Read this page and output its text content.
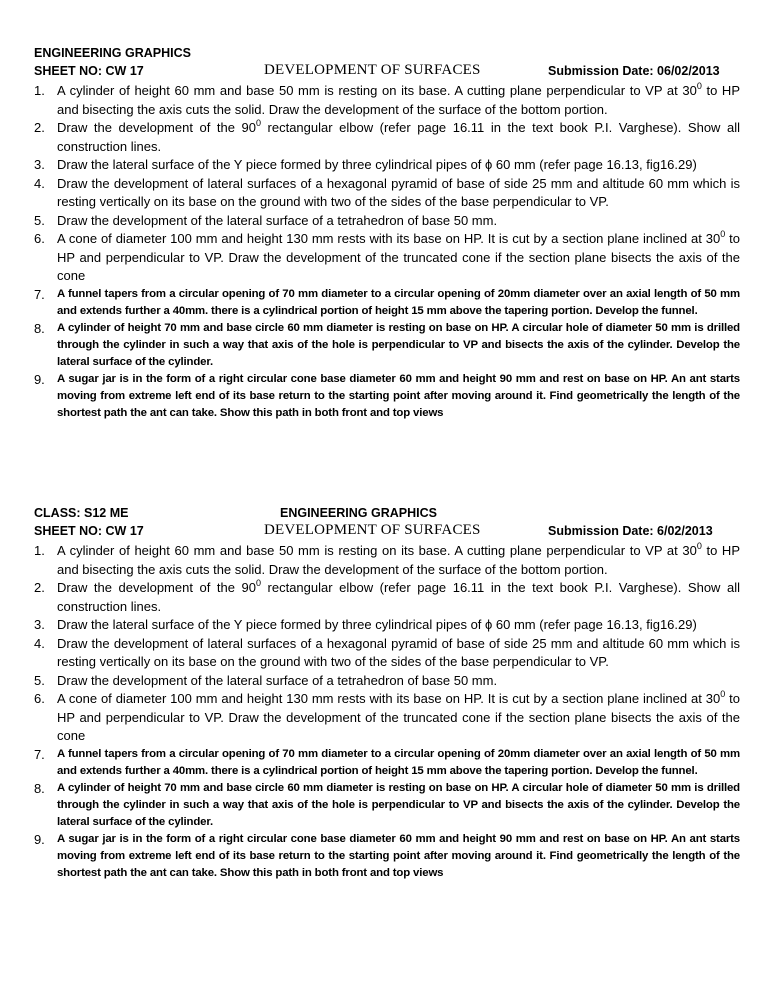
ENGINEERING GRAPHICS
SHEET NO: CW 17	DEVELOPMENT OF SURFACES	Submission Date: 06/02/2013
1. A cylinder of height 60 mm and base 50 mm is resting on its base. A cutting plane perpendicular to VP at $30^0$ to HP and bisecting the axis cuts the solid. Draw the development of the surface of the bottom portion.
2. Draw the development of the $90^0$ rectangular elbow (refer page 16.11 in the text book P.I. Varghese). Show all construction lines.
3. Draw the lateral surface of the Y piece formed by three cylindrical pipes of ϕ 60 mm (refer page 16.13, fig16.29)
4. Draw the development of lateral surfaces of a hexagonal pyramid of base of side 25 mm and altitude 60 mm which is resting vertically on its base on the ground with two of the sides of the base perpendicular to VP.
5. Draw the development of the lateral surface of a tetrahedron of base 50 mm.
6. A cone of diameter 100 mm and height 130 mm rests with its base on HP. It is cut by a section plane inclined at $30^0$ to HP and perpendicular to VP. Draw the development of the truncated cone if the section plane bisects the axis of the cone
7. A funnel tapers from a circular opening of 70 mm diameter to a circular opening of 20mm diameter over an axial length of 50 mm and extends further a 40mm. there is a cylindrical portion of height 15 mm above the tapering portion. Develop the funnel.
8. A cylinder of height 70 mm and base circle 60 mm diameter is resting on base on HP. A circular hole of diameter 50 mm is drilled through the cylinder in such a way that axis of the hole is perpendicular to VP and bisects the axis of the cylinder. Develop the lateral surface of the cylinder.
9. A sugar jar is in the form of a right circular cone base diameter 60 mm and height 90 mm and rest on base on HP. An ant starts moving from extreme left end of its base return to the starting point after moving around it. Find geometrically the length of the shortest path the ant can take. Show this path in both front and top views
CLASS: S12 ME	ENGINEERING GRAPHICS
SHEET NO: CW 17	DEVELOPMENT OF SURFACES	Submission Date: 6/02/2013
1. A cylinder of height 60 mm and base 50 mm is resting on its base. A cutting plane perpendicular to VP at $30^0$ to HP and bisecting the axis cuts the solid. Draw the development of the surface of the bottom portion.
2. Draw the development of the $90^0$ rectangular elbow (refer page 16.11 in the text book P.I. Varghese). Show all construction lines.
3. Draw the lateral surface of the Y piece formed by three cylindrical pipes of ϕ 60 mm (refer page 16.13, fig16.29)
4. Draw the development of lateral surfaces of a hexagonal pyramid of base of side 25 mm and altitude 60 mm which is resting vertically on its base on the ground with two of the sides of the base perpendicular to VP.
5. Draw the development of the lateral surface of a tetrahedron of base 50 mm.
6. A cone of diameter 100 mm and height 130 mm rests with its base on HP. It is cut by a section plane inclined at $30^0$ to HP and perpendicular to VP. Draw the development of the truncated cone if the section plane bisects the axis of the cone
7. A funnel tapers from a circular opening of 70 mm diameter to a circular opening of 20mm diameter over an axial length of 50 mm and extends further a 40mm. there is a cylindrical portion of height 15 mm above the tapering portion. Develop the funnel.
8. A cylinder of height 70 mm and base circle 60 mm diameter is resting on base on HP. A circular hole of diameter 50 mm is drilled through the cylinder in such a way that axis of the hole is perpendicular to VP and bisects the axis of the cylinder. Develop the lateral surface of the cylinder.
9. A sugar jar is in the form of a right circular cone base diameter 60 mm and height 90 mm and rest on base on HP. An ant starts moving from extreme left end of its base return to the starting point after moving around it. Find geometrically the length of the shortest path the ant can take. Show this path in both front and top views
